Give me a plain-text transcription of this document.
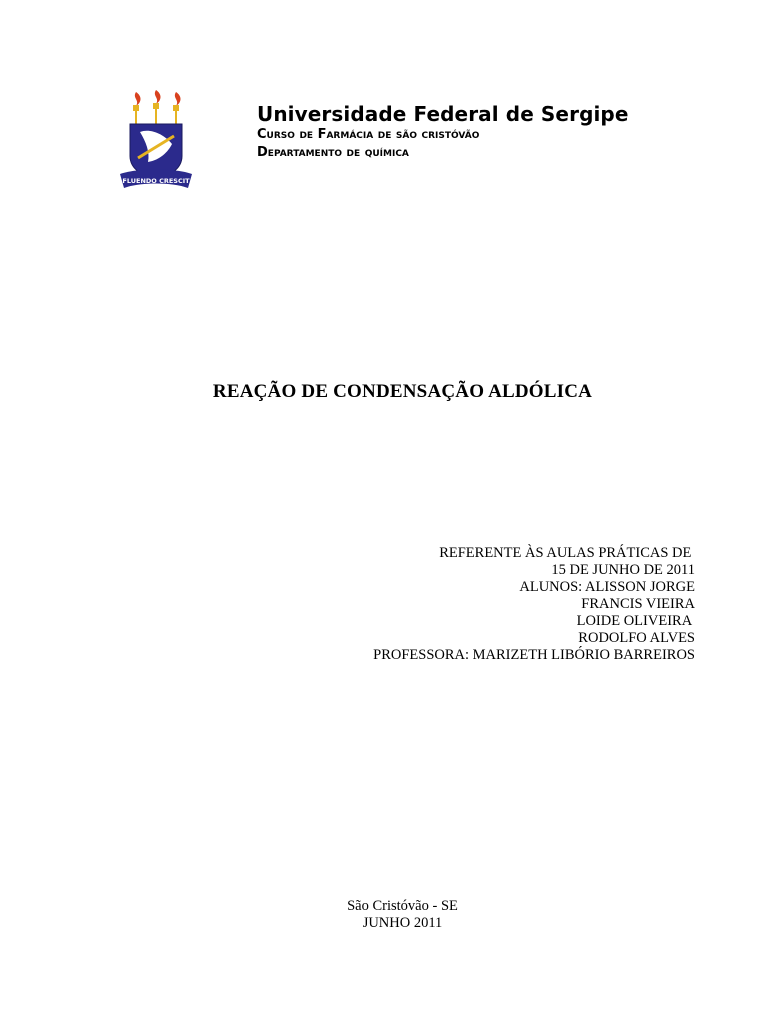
FLUENDO CRESCIT

Universidade Federal de Sergipe

Curso de Farmácia de são cristóvão

Departamento de química

REAÇÃO DE CONDENSAÇÃO ALDÓLICA
REFERENTE ÀS AULAS PRÁTICAS DE
15 DE JUNHO DE 2011
ALUNOS: ALISSON JORGE
FRANCIS VIEIRA
LOIDE OLIVEIRA
RODOLFO ALVES
PROFESSORA: MARIZETH LIBÓRIO BARREIROS
São Cristóvão - SE
JUNHO 2011
